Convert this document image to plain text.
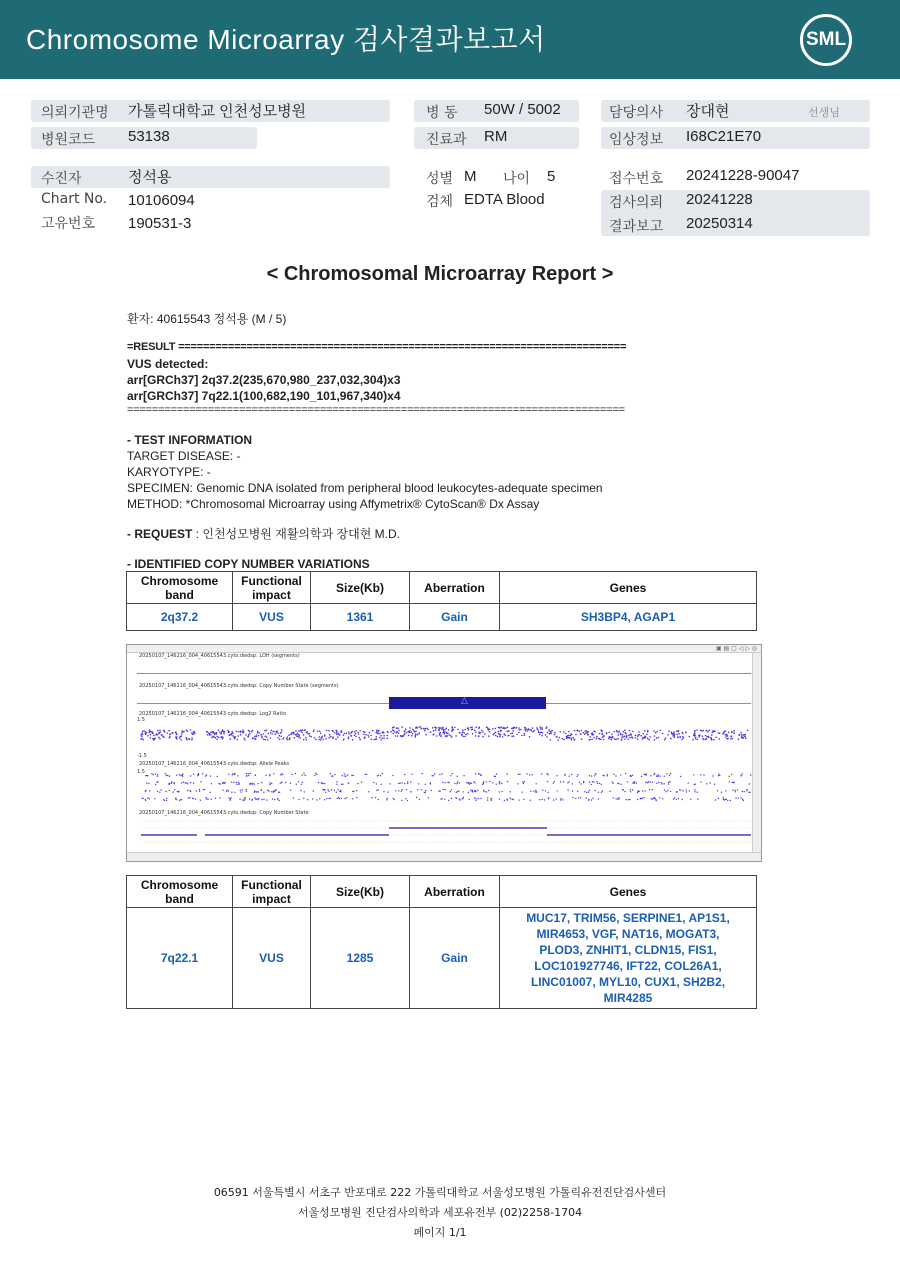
Chromosome Microarray 검사결과보고서	SML
의뢰기관명 가톨릭대학교 인천성모병원	병 동 50W / 5002	담당의사 장대현	선생님
병원코드 53138	진료과 RM	임상정보 I68C21E70
수진자	정석용	성별 M 나이 5	접수번호 20241228-90047
Chart No. 10106094	검체 EDTA Blood	검사의뢰 20241228
고유번호 190531-3	결과보고 20250314
< Chromosomal Microarray Report >
환자: 40615543 정석용 (M / 5)
=RESULT ========================================================================
VUS detected:
arr[GRCh37] 2q37.2(235,670,980_237,032,304)x3
arr[GRCh37] 7q22.1(100,682,190_101,967,340)x4
================================================================================
- TEST INFORMATION
TARGET DISEASE: -
KARYOTYPE: -
SPECIMEN: Genomic DNA isolated from peripheral blood leukocytes-adequate specimen
METHOD: *Chromosomal Microarray using Affymetrix® CytoScan® Dx Assay
- REQUEST : 인천성모병원 재활의학과 장대현 M.D.
- IDENTIFIED COPY NUMBER VARIATIONS
Chromosome band	Functional impact	Size(Kb)	Aberration	Genes
2q37.2	VUS	1361	Gain	SH3BP4, AGAP1
▣ ▤ ▢ ◁ ▷ ◎
20250107_146216_004_40615543.cyto.dwdsp: LOH (segments)
20250107_146216_004_40615543.cyto.dwdsp: Copy Number State (segments)
△
20250107_146216_004_40615543.cyto.dwdsp: Log2 Ratio
1.5
-1.5
20250107_146216_004_40615543.cyto.dwdsp: Allele Peaks
1.5
20250107_146216_004_40615543.cyto.dwdsp: Copy Number State
Chromosome band	Functional impact	Size(Kb)	Aberration	Genes
7q22.1	VUS	1285	Gain	MUC17, TRIM56, SERPINE1, AP1S1, MIR4653, VGF, NAT16, MOGAT3, PLOD3, ZNHIT1, CLDN15, FIS1, LOC101927746, IFT22, COL26A1, LINC01007, MYL10, CUX1, SH2B2, MIR4285
06591 서울특별시 서초구 반포대로 222 가톨릭대학교 서울성모병원 가톨릭유전진단검사센터
서울성모병원 진단검사의학과 세포유전부 (02)2258-1704
페이지 1/1
